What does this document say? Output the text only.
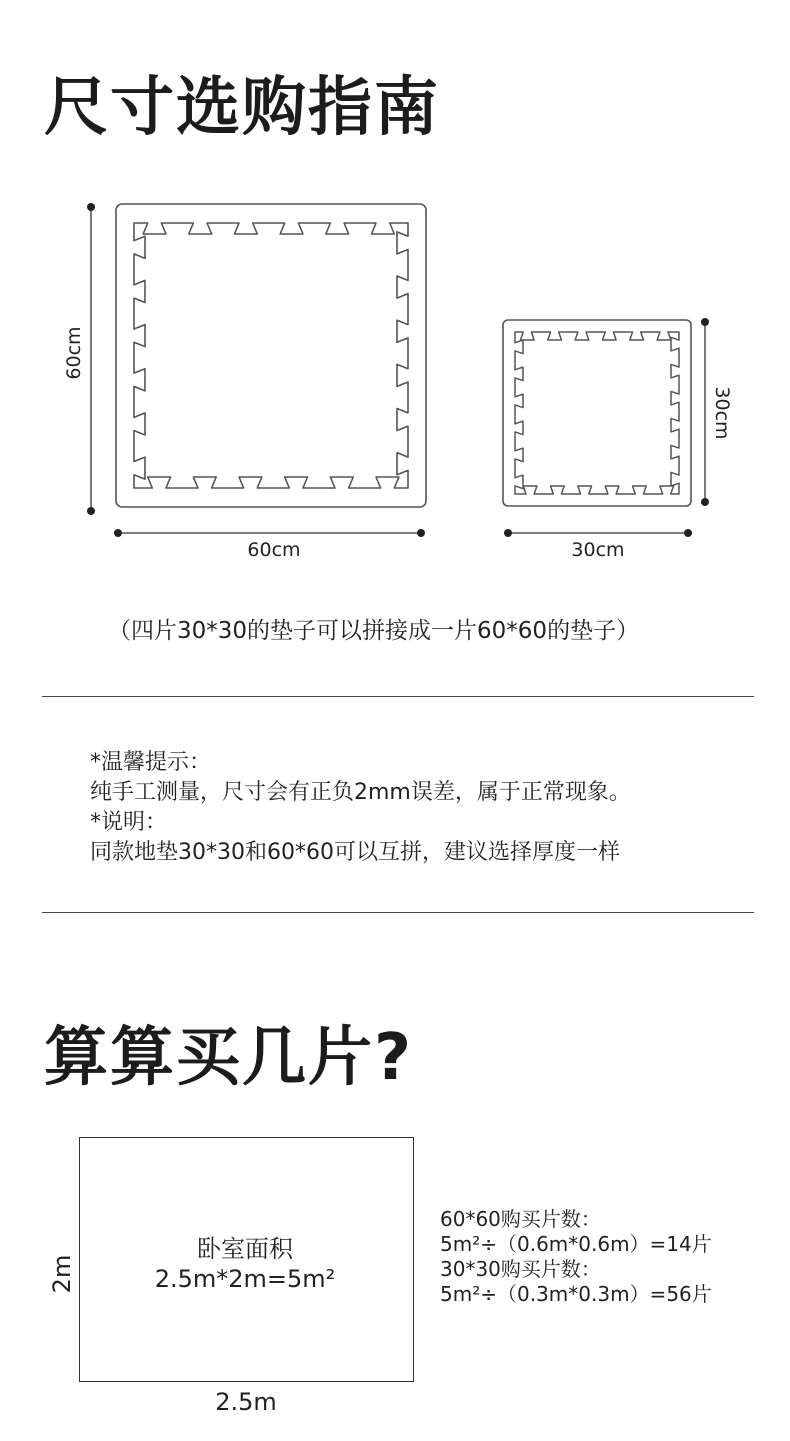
尺寸选购指南
60cm
60cm
30cm
30cm
（四片30*30的垫子可以拼接成一片60*60的垫子）
*温馨提示：
纯手工测量，尺寸会有正负2mm误差，属于正常现象。
*说明：
同款地垫30*30和60*60可以互拼，建议选择厚度一样
算算买几片?
卧室面积
2.5m*2m=5m²
2m
2.5m
60*60购买片数：
5m²÷（0.6m*0.6m）=14片
30*30购买片数：
5m²÷（0.3m*0.3m）=56片
